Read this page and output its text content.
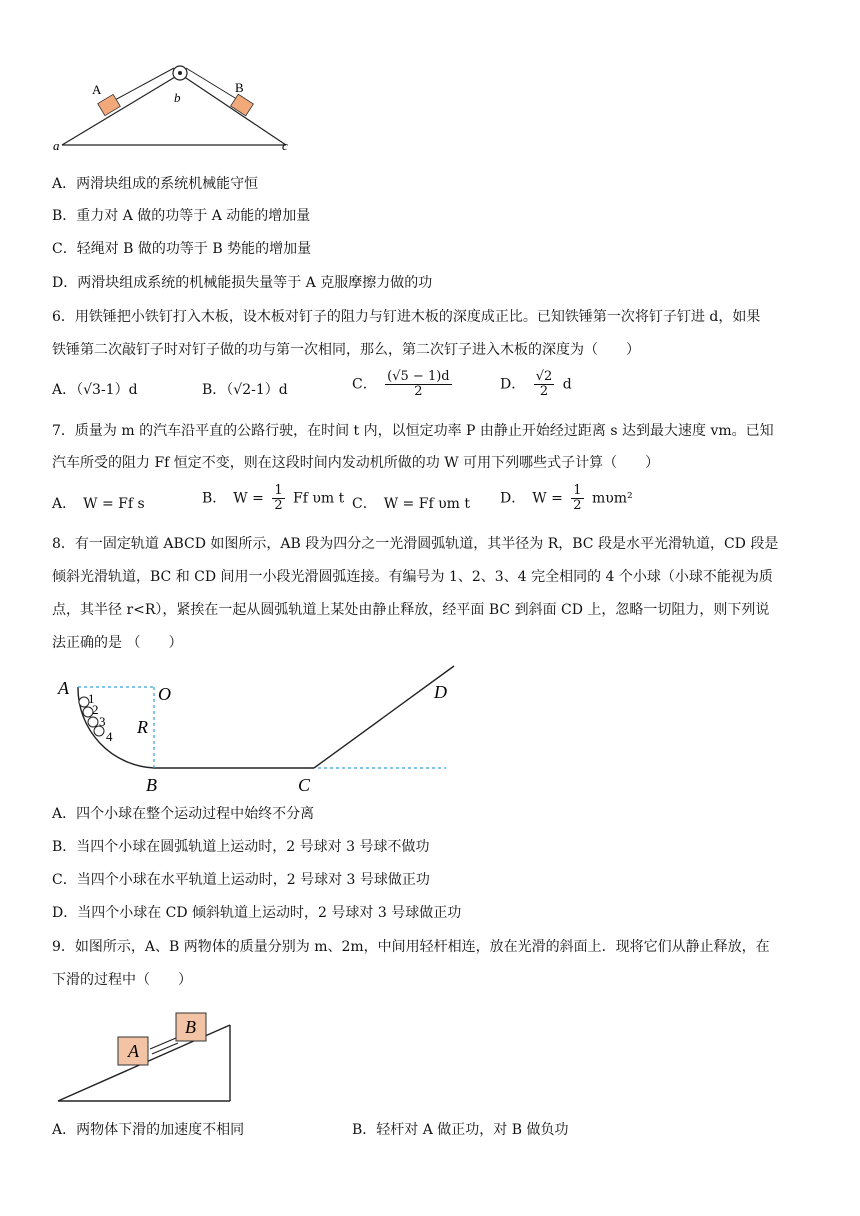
A	B
b
a	c
A．两滑块组成的系统机械能守恒
B．重力对 A 做的功等于 A 动能的增加量
C．轻绳对 B 做的功等于 B 势能的增加量
D．两滑块组成系统的机械能损失量等于 A 克服摩擦力做的功
6．用铁锤把小铁钉打入木板，设木板对钉子的阻力与钉进木板的深度成正比。已知铁锤第一次将钉子钉进 d，如果
铁锤第二次敲钉子时对钉子做的功与第一次相同，那么，第二次钉子进入木板的深度为（　　）
A．（√3-1）d	B．（√2-1）d	C． $\frac{(√5 - 1)d}{2}$	D． $\frac{√2}{2}$ d
7．质量为 m 的汽车沿平直的公路行驶，在时间 t 内，以恒定功率 P 由静止开始经过距离 s 达到最大速度 vm。已知
汽车所受的阻力 Ff 恒定不变，则在这段时间内发动机所做的功 W 可用下列哪些式子计算（　　）
A．　W = Ff s	B．　$W = \frac{1}{2}$ Ff υm t C．　W = Ff υm t D．　$W = \frac{1}{2} m\upsilon m^2$
8．有一固定轨道 ABCD 如图所示，AB 段为四分之一光滑圆弧轨道，其半径为 R，BC 段是水平光滑轨道，CD 段是
倾斜光滑轨道，BC 和 CD 间用一小段光滑圆弧连接。有编号为 1、2、3、4 完全相同的 4 个小球（小球不能视为质
点，其半径 r<R），紧挨在一起从圆弧轨道上某处由静止释放，经平面 BC 到斜面 CD 上，忽略一切阻力，则下列说
法正确的是 （　　）
A	O
R
B	C
D
1
2
3
4
A．四个小球在整个运动过程中始终不分离
B．当四个小球在圆弧轨道上运动时，2 号球对 3 号球不做功
C．当四个小球在水平轨道上运动时，2 号球对 3 号球做正功
D．当四个小球在 CD 倾斜轨道上运动时，2 号球对 3 号球做正功
9．如图所示，A、B 两物体的质量分别为 m、2m，中间用轻杆相连，放在光滑的斜面上．现将它们从静止释放，在
下滑的过程中（　　）
A
B
A．两物体下滑的加速度不相同	B．轻杆对 A 做正功，对 B 做负功
